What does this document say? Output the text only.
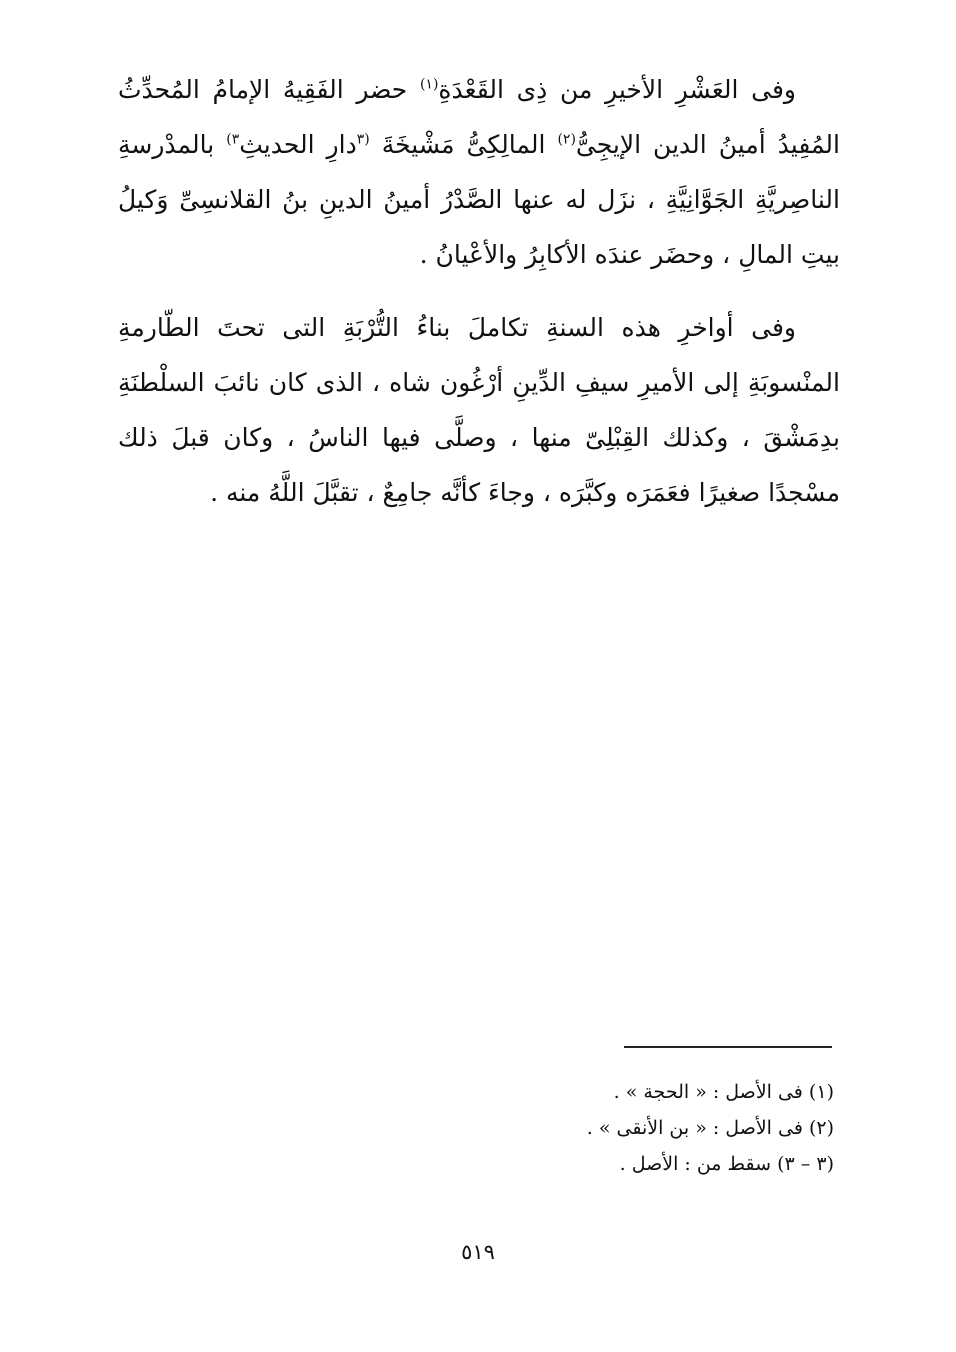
وفى العَشْرِ الأخيرِ من ذِى القَعْدَةِ$^{(١)}$ حضر الفَقِيهُ الإمامُ المُحدِّثُ المُفِيدُ أمينُ الدين الإيجِىُّ$^{(٢)}$ المالِكِىُّ مَشْيخَةَ $^{(٣}$دارِ الحديثِ$^{٣)}$ بالمدْرسةِ الناصِريَّةِ الجَوَّانِيَّةِ ، نزَل له عنها الصَّدْرُ أمينُ الدينِ بنُ القلانسِىِّ وَكيلُ بيتِ المالِ ، وحضَر عندَه الأكابِرُ والأعْيانُ .

وفى أواخرِ هذه السنةِ تكاملَ بناءُ التُّرْبَةِ التى تحتَ الطّارمةِ المنْسوبَةِ إلى الأميرِ سيفِ الدِّينِ أرْغُون شاه ، الذى كان نائبَ السلْطنَةِ بدِمَشْقَ ، وكذلك القِبْلِىّ منها ، وصلَّى فيها الناسُ ، وكان قبلَ ذلك مسْجدًا صغيرًا فعَمَرَه وكبَّرَه ، وجاءَ كأنَّه جامِعٌ ، تقبَّلَ اللَّهُ منه .

(١) فى الأصل : « الحجة » .

(٢) فى الأصل : « بن الأنقى » .

(٣ – ٣) سقط من : الأصل .

٥١٩
